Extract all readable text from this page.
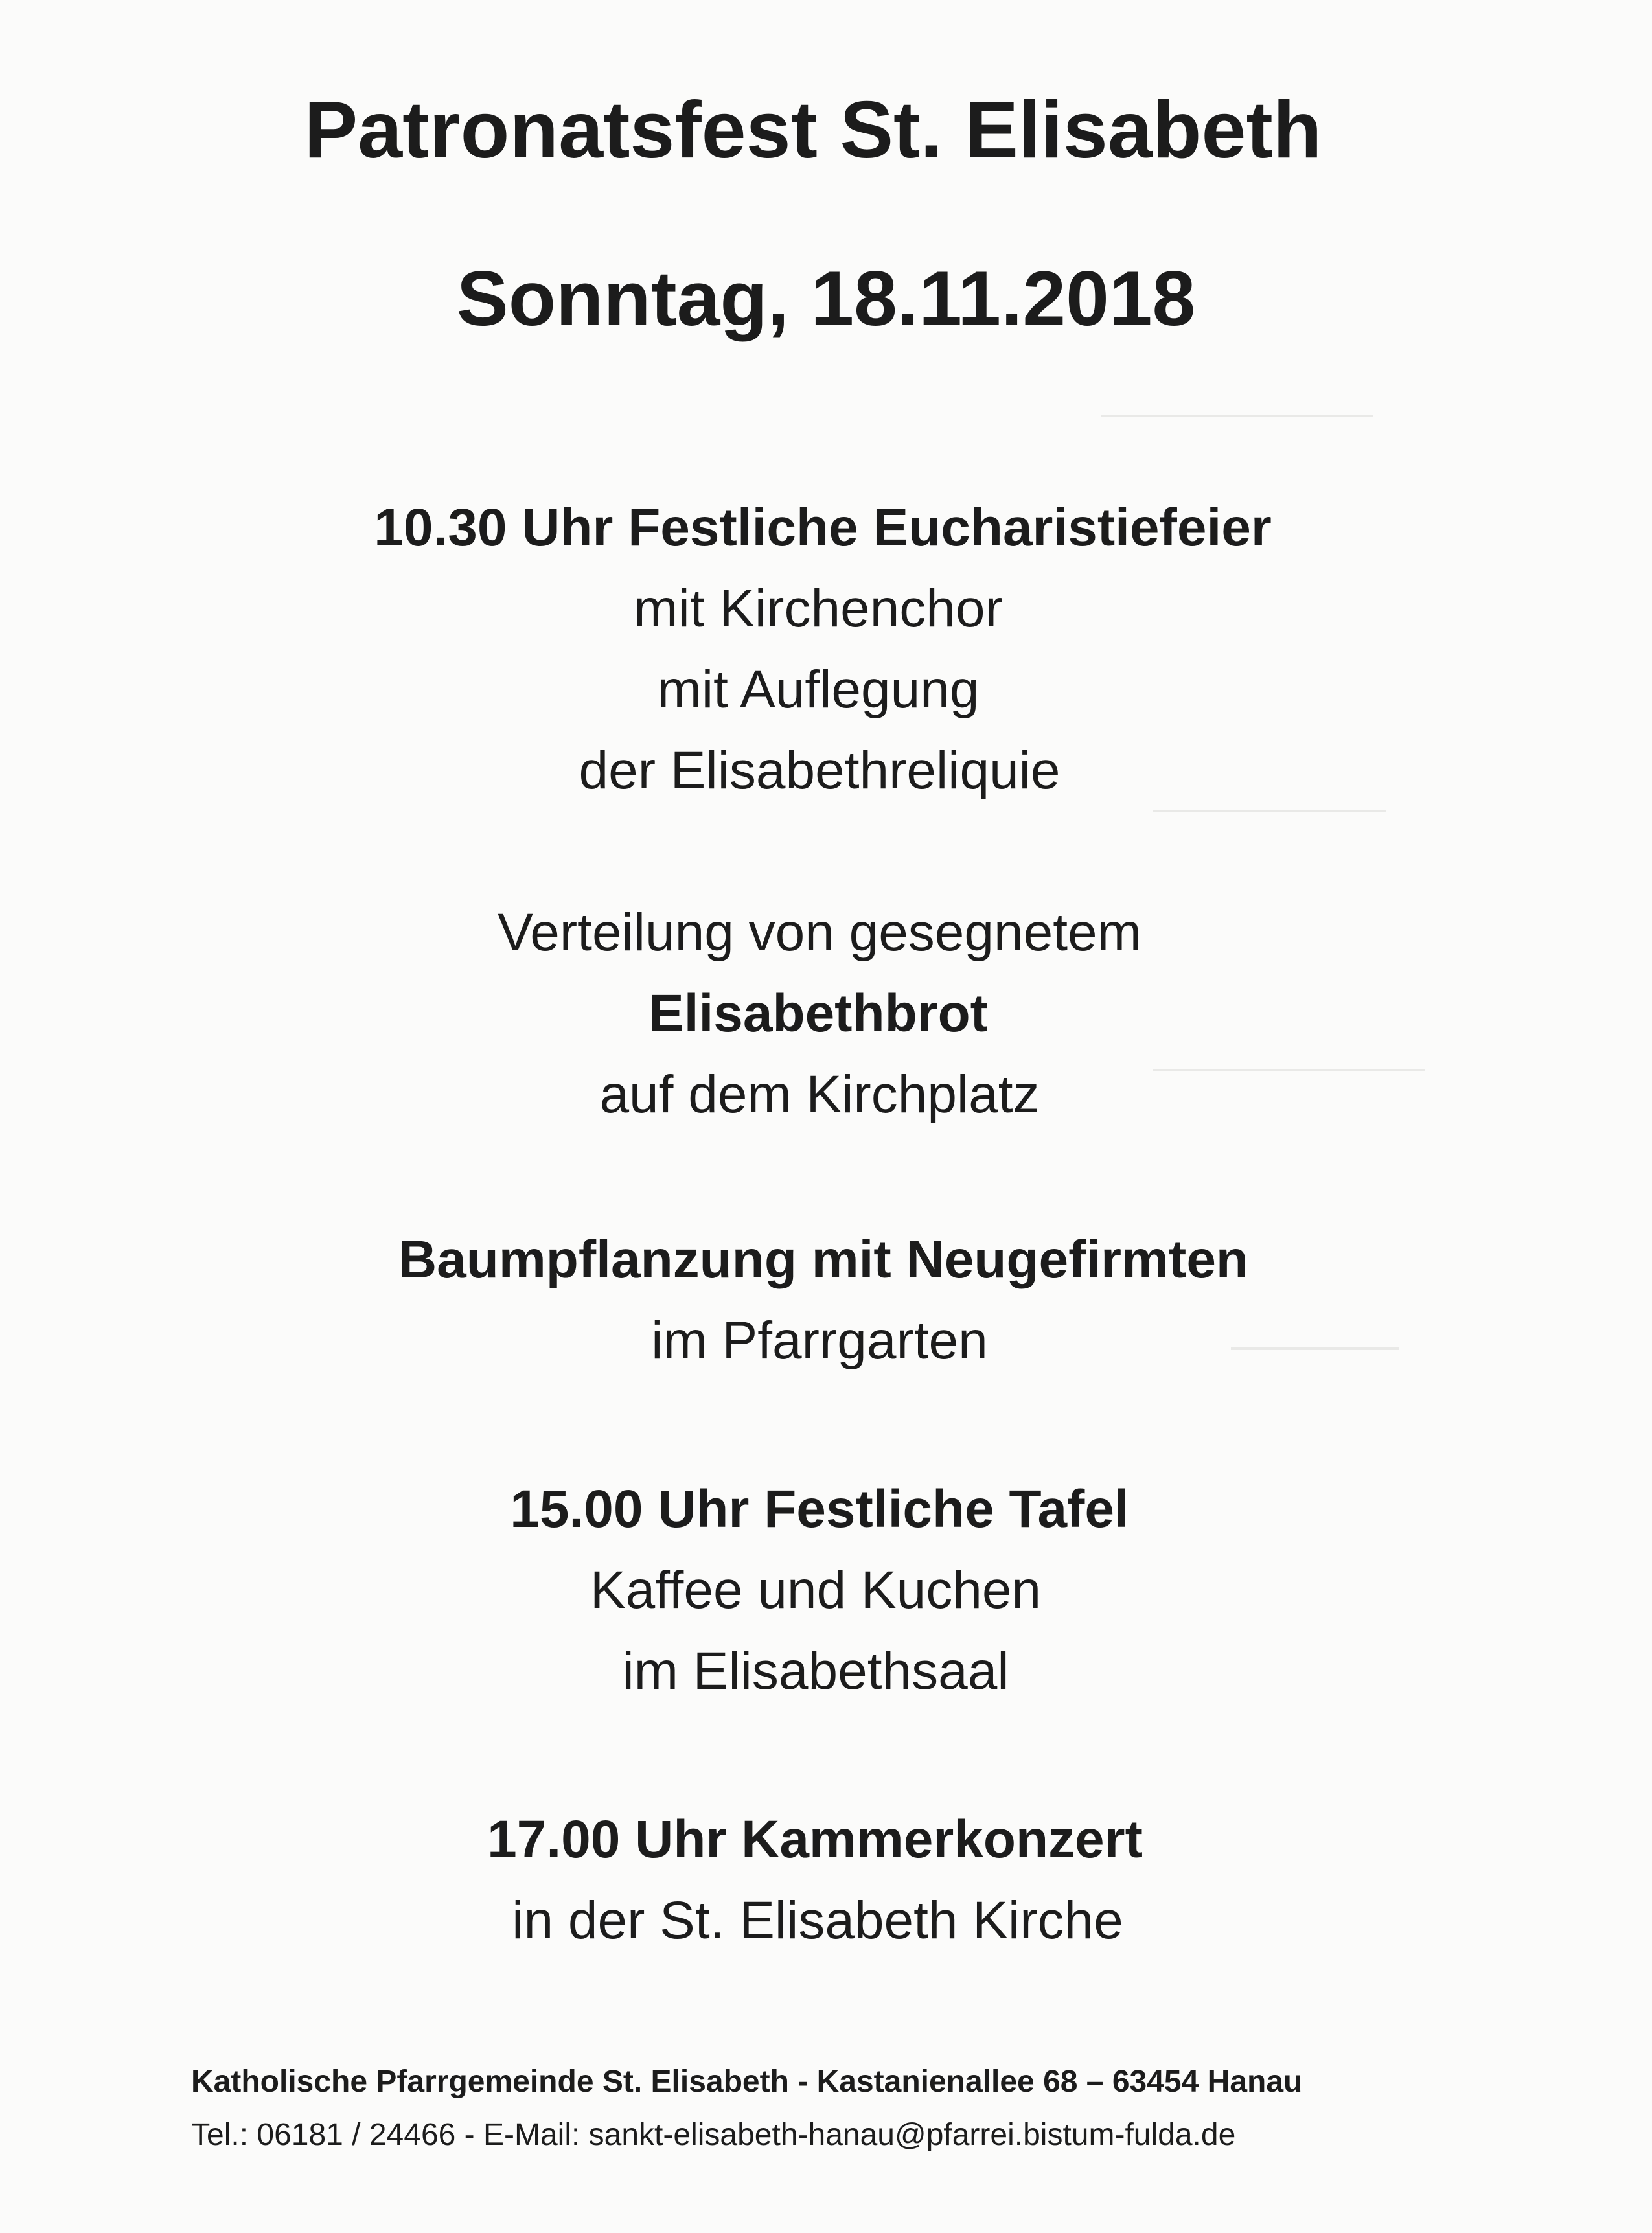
Patronatsfest St. Elisabeth
Sonntag, 18.11.2018
10.30 Uhr Festliche Eucharistiefeier
mit Kirchenchor
mit Auflegung
der Elisabethreliquie
Verteilung von gesegnetem
Elisabethbrot
auf dem Kirchplatz
Baumpflanzung mit Neugefirmten
im Pfarrgarten
15.00 Uhr Festliche Tafel
Kaffee und Kuchen
im Elisabethsaal
17.00 Uhr Kammerkonzert
in der St. Elisabeth Kirche
Katholische Pfarrgemeinde St. Elisabeth - Kastanienallee 68 – 63454 Hanau
Tel.: 06181 / 24466 - E-Mail: sankt-elisabeth-hanau@pfarrei.bistum-fulda.de
